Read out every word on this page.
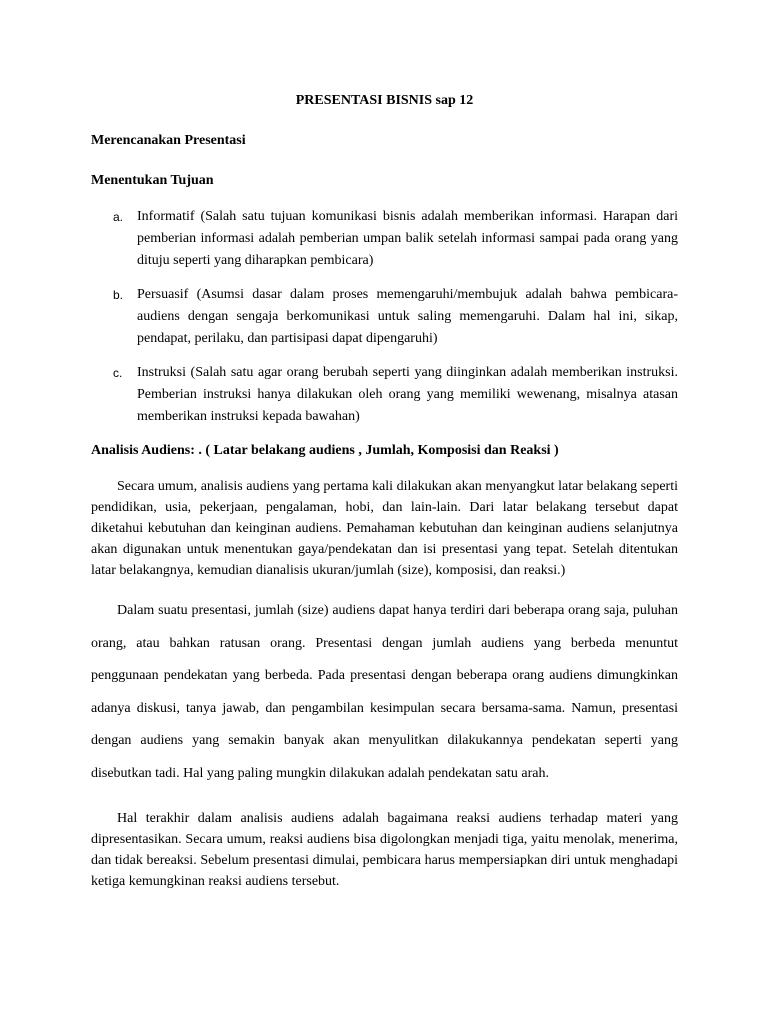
PRESENTASI BISNIS sap 12
Merencanakan Presentasi
Menentukan Tujuan
a. Informatif (Salah satu tujuan komunikasi bisnis adalah memberikan informasi. Harapan dari pemberian informasi adalah pemberian umpan balik setelah informasi sampai pada orang yang dituju seperti yang diharapkan pembicara)
b. Persuasif (Asumsi dasar dalam proses memengaruhi/membujuk adalah bahwa pembicara-audiens dengan sengaja berkomunikasi untuk saling memengaruhi. Dalam hal ini, sikap, pendapat, perilaku, dan partisipasi dapat dipengaruhi)
c. Instruksi (Salah satu agar orang berubah seperti yang diinginkan adalah memberikan instruksi. Pemberian instruksi hanya dilakukan oleh orang yang memiliki wewenang, misalnya atasan memberikan instruksi kepada bawahan)
Analisis Audiens: . ( Latar belakang audiens , Jumlah, Komposisi dan Reaksi )

Secara umum, analisis audiens yang pertama kali dilakukan akan menyangkut latar belakang seperti pendidikan, usia, pekerjaan, pengalaman, hobi, dan lain-lain. Dari latar belakang tersebut dapat diketahui kebutuhan dan keinginan audiens. Pemahaman kebutuhan dan keinginan audiens selanjutnya akan digunakan untuk menentukan gaya/pendekatan dan isi presentasi yang tepat. Setelah ditentukan latar belakangnya, kemudian dianalisis ukuran/jumlah (size), komposisi, dan reaksi.)

Dalam suatu presentasi, jumlah (size) audiens dapat hanya terdiri dari beberapa orang saja, puluhan orang, atau bahkan ratusan orang. Presentasi dengan jumlah audiens yang berbeda menuntut penggunaan pendekatan yang berbeda. Pada presentasi dengan beberapa orang audiens dimungkinkan adanya diskusi, tanya jawab, dan pengambilan kesimpulan secara bersama-sama. Namun, presentasi dengan audiens yang semakin banyak akan menyulitkan dilakukannya pendekatan seperti yang disebutkan tadi. Hal yang paling mungkin dilakukan adalah pendekatan satu arah.

Hal terakhir dalam analisis audiens adalah bagaimana reaksi audiens terhadap materi yang dipresentasikan. Secara umum, reaksi audiens bisa digolongkan menjadi tiga, yaitu menolak, menerima, dan tidak bereaksi. Sebelum presentasi dimulai, pembicara harus mempersiapkan diri untuk menghadapi ketiga kemungkinan reaksi audiens tersebut.
